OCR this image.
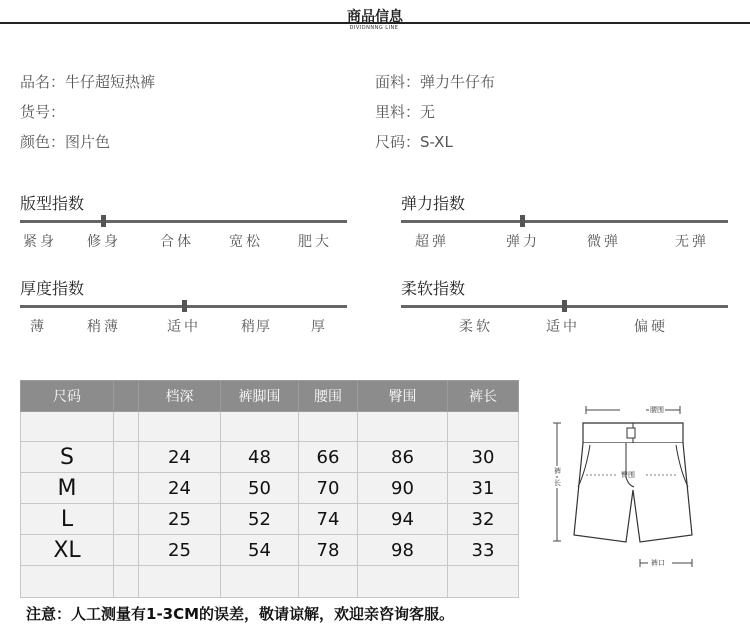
商品信息
DIVIDNNNG LINE
品名：牛仔超短热裤
货号：
颜色：图片色
面料：弹力牛仔布
里料：无
尺码：S-XL
版型指数
紧身 修身	合体	宽松	肥大
弹力指数
超弹	弹力	微弹	无弹
厚度指数
薄	稍薄	适中	稍厚	厚
柔软指数
柔软	适中	偏硬
尺码		档深	裤脚围	腰围	臀围	裤长

S		24	48	66	86	30
M		24	50	70	90	31
L		25	52	74	94	32
XL		25	54	78	98	33

腰围
臀围
裤
长
裤口
注意：人工测量有1-3CM的误差，敬请谅解，欢迎亲咨询客服。
